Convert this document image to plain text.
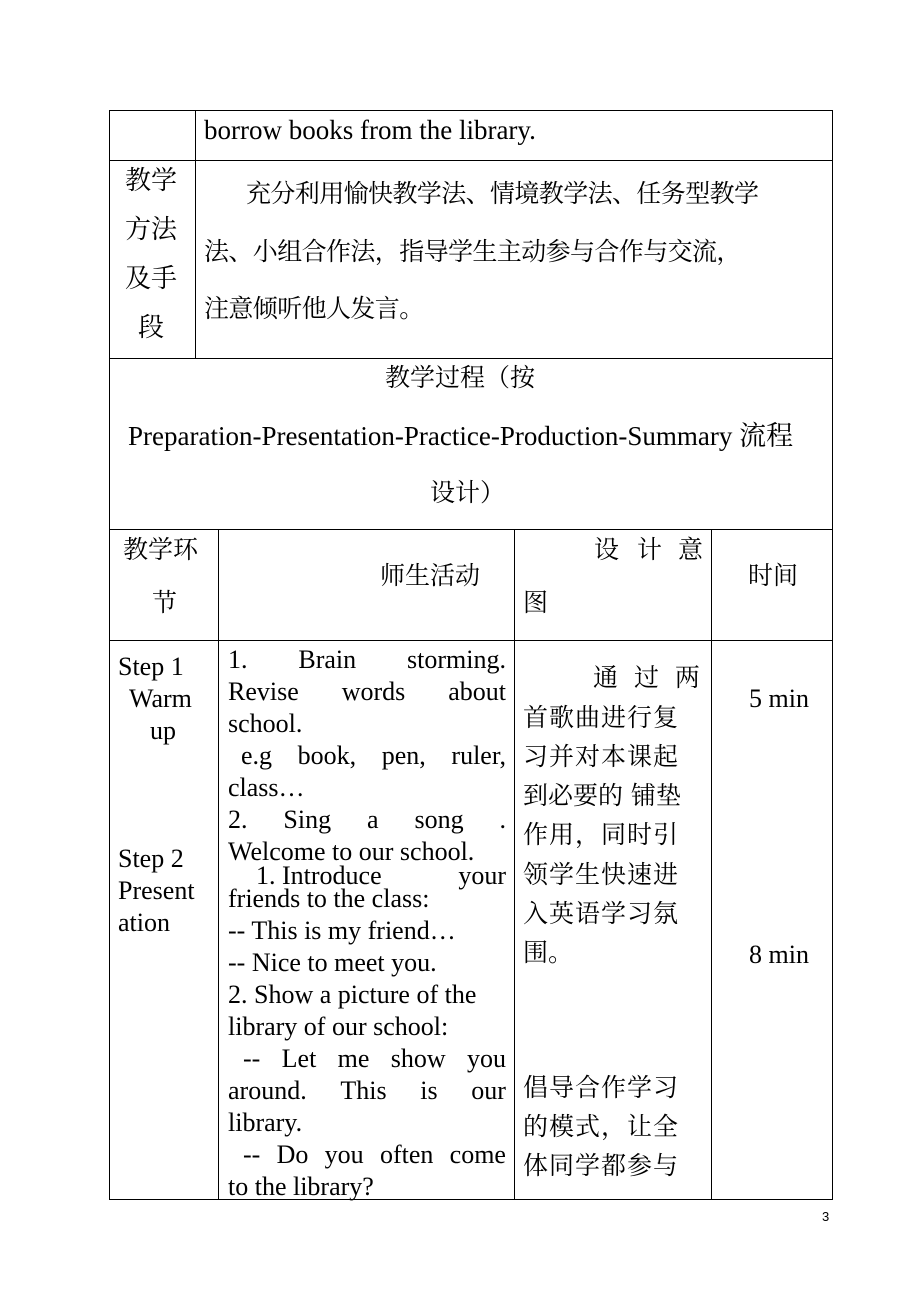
borrow books from the library.
教学
方法
及手
段
充分利用愉快教学法、情境教学法、任务型教学
法、小组合作法，指导学生主动参与合作与交流，
注意倾听他人发言。
教学过程（按
Preparation-Presentation-Practice-Production-Summary 流程
设计）
教学环
节
师生活动
设 计 意
图
时间
Step 1
Warm
up
Step 2
Present
ation
1. Brain storming.
Revise words about
school.
e.g book, pen, ruler,
class…
2. Sing a song .
Welcome to our school.
1. Introduce	your
friends to the class:
-- This is my friend…
-- Nice to meet you.
2. Show a picture of the
library of our school:
-- Let me show you
around. This is our
library.
-- Do you often come
to the library?
通 过 两
首歌曲进行复
习并对本课起
到必要的 铺垫
作用，同时引
领学生快速进
入英语学习氛
围。
倡导合作学习
的模式，让全
体同学都参与
5 min
8 min
3
